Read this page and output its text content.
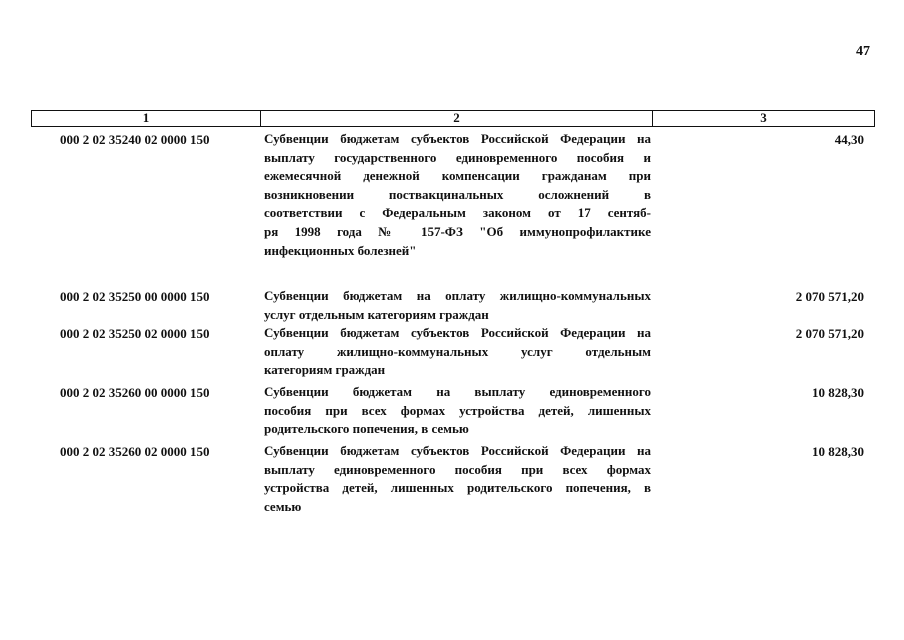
47
1	2	3
000 2 02 35240 02 0000 150	Субвенции бюджетам субъектов Российской Федерации на
выплату государственного единовременного пособия и
ежемесячной денежной компенсации гражданам при
возникновении поствакцинальных осложнений в
соответствии с Федеральным законом от 17 сентяб-
ря 1998 года № 157-ФЗ "Об иммунопрофилактике
инфекционных болезней"
44,30
000 2 02 35250 00 0000 150	Субвенции бюджетам на оплату жилищно-коммунальных
услуг отдельным категориям граждан
2 070 571,20
000 2 02 35250 02 0000 150	Субвенции бюджетам субъектов Российской Федерации на
оплату жилищно-коммунальных услуг отдельным
категориям граждан
2 070 571,20
000 2 02 35260 00 0000 150	Субвенции бюджетам на выплату единовременного
пособия при всех формах устройства детей, лишенных
родительского попечения, в семью
10 828,30
000 2 02 35260 02 0000 150	Субвенции бюджетам субъектов Российской Федерации на
выплату единовременного пособия при всех формах
устройства детей, лишенных родительского попечения, в
семью
10 828,30
